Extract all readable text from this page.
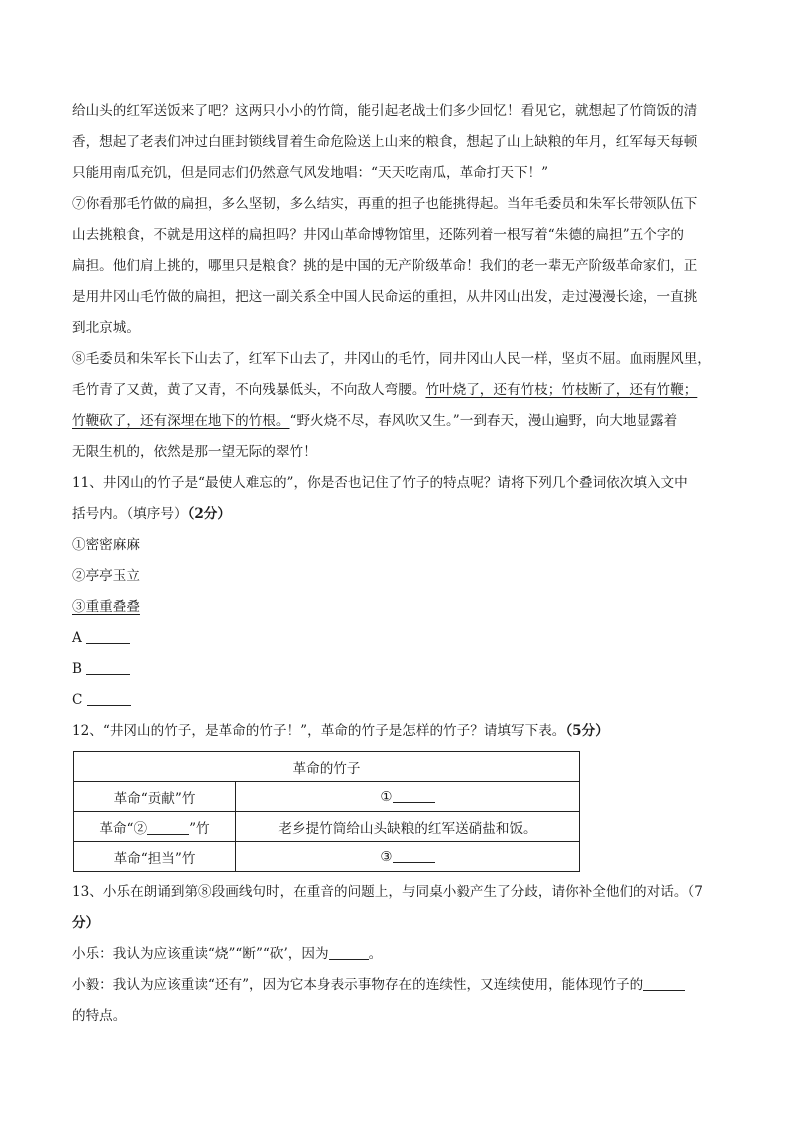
给山头的红军送饭来了吧？这两只小小的竹筒，能引起老战士们多少回忆！看见它，就想起了竹筒饭的清
香，想起了老表们冲过白匪封锁线冒着生命危险送上山来的粮食，想起了山上缺粮的年月，红军每天每顿
只能用南瓜充饥，但是同志们仍然意气风发地唱：“天天吃南瓜，革命打天下！”
⑦你看那毛竹做的扁担，多么坚韧，多么结实，再重的担子也能挑得起。当年毛委员和朱军长带领队伍下
山去挑粮食，不就是用这样的扁担吗？井冈山革命博物馆里，还陈列着一根写着“朱德的扁担”五个字的
扁担。他们肩上挑的，哪里只是粮食？挑的是中国的无产阶级革命！我们的老一辈无产阶级革命家们，正
是用井冈山毛竹做的扁担，把这一副关系全中国人民命运的重担，从井冈山出发，走过漫漫长途，一直挑
到北京城。
⑧毛委员和朱军长下山去了，红军下山去了，井冈山的毛竹，同井冈山人民一样，坚贞不屈。血雨腥风里，
毛竹青了又黄，黄了又青，不向残暴低头，不向敌人弯腰。竹叶烧了，还有竹枝；竹枝断了，还有竹鞭；
竹鞭砍了，还有深埋在地下的竹根。“野火烧不尽，春风吹又生。”一到春天，漫山遍野，向大地显露着
无限生机的，依然是那一望无际的翠竹！
11、井冈山的竹子是“最使人难忘的”，你是否也记住了竹子的特点呢？请将下列几个叠词依次填入文中
括号内。（填序号）（2分）
①密密麻麻
②亭亭玉立
③重重叠叠
A
B
C
12、“井冈山的竹子，是革命的竹子！”，革命的竹子是怎样的竹子？请填写下表。（5分）
革命的竹子	
革命“贡献”竹	①
革命“② ”竹	老乡提竹筒给山头缺粮的红军送硝盐和饭。
革命“担当”竹	③
13、小乐在朗诵到第⑧段画线句时，在重音的问题上，与同桌小毅产生了分歧，请你补全他们的对话。（7
分）
小乐：我认为应该重读“烧”“断”“砍’，因为	。
小毅：我认为应该重读“还有”，因为它本身表示事物存在的连续性，又连续使用，能体现竹子的
的特点。
